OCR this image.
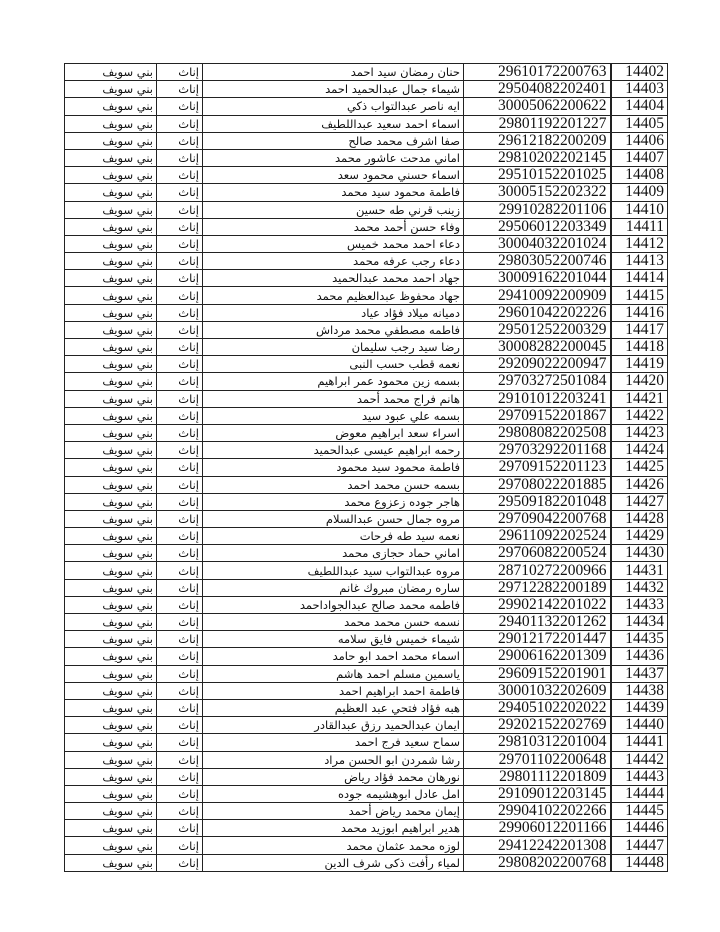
بني سويف	إناث	حنان رمضان سيد احمد	29610172200763	14402
بني سويف	إناث	شيماء جمال عبدالحميد احمد	29504082202401	14403
بني سويف	إناث	ايه ناصر عبدالتواب ذكي	30005062200622	14404
بني سويف	إناث	اسماء احمد سعيد عبداللطيف	29801192201227	14405
بني سويف	إناث	صفا اشرف محمد صالح	29612182200209	14406
بني سويف	إناث	اماني مدحت عاشور محمد	29810202202145	14407
بني سويف	إناث	اسماء حسني محمود سعد	29510152201025	14408
بني سويف	إناث	فاطمة محمود سيد محمد	30005152202322	14409
بني سويف	إناث	زينب قرني طه حسين	29910282201106	14410
بني سويف	إناث	وفاء حسن أحمد محمد	29506012203349	14411
بني سويف	إناث	دعاء احمد محمد خميس	30004032201024	14412
بني سويف	إناث	دعاء رجب عرفه محمد	29803052200746	14413
بني سويف	إناث	جهاد احمد محمد عبدالحميد	30009162201044	14414
بني سويف	إناث	جهاد محفوظ عبدالعظيم محمد	29410092200909	14415
بني سويف	إناث	دميانه ميلاد فؤاد عياد	29601042202226	14416
بني سويف	إناث	فاطمه مصطفي محمد مرداش	29501252200329	14417
بني سويف	إناث	رضا سيد رجب سليمان	30008282200045	14418
بني سويف	إناث	نعمه قطب حسب النبى	29209022200947	14419
بني سويف	إناث	بسمه زين محمود عمر ابراهيم	29703272501084	14420
بني سويف	إناث	هانم فراج محمد أحمد	29101012203241	14421
بني سويف	إناث	بسمه علي عبود سيد	29709152201867	14422
بني سويف	إناث	اسراء سعد ابراهيم معوض	29808082202508	14423
بني سويف	إناث	رحمه ابراهيم عيسى عبدالحميد	29703292201168	14424
بني سويف	إناث	فاطمة محمود سيد محمود	29709152201123	14425
بني سويف	إناث	بسمه حسن محمد احمد	29708022201885	14426
بني سويف	إناث	هاجر جوده زعزوع محمد	29509182201048	14427
بني سويف	إناث	مروه جمال حسن عبدالسلام	29709042200768	14428
بني سويف	إناث	نعمه سيد طه فرحات	29611092202524	14429
بني سويف	إناث	اماني حماد حجازى محمد	29706082200524	14430
بني سويف	إناث	مروه عبدالتواب سيد عبداللطيف	28710272200966	14431
بني سويف	إناث	ساره رمضان مبروك غانم	29712282200189	14432
بني سويف	إناث	فاطمه محمد صالح عبدالجواداحمد	29902142201022	14433
بني سويف	إناث	نسمه حسن محمد محمد	29401132201262	14434
بني سويف	إناث	شيماء خميس فايق سلامه	29012172201447	14435
بني سويف	إناث	اسماء محمد احمد ابو حامد	29006162201309	14436
بني سويف	إناث	ياسمين مسلم احمد هاشم	29609152201901	14437
بني سويف	إناث	فاطمة احمد ابراهيم احمد	30001032202609	14438
بني سويف	إناث	هبه فؤاد فتحي عبد العظيم	29405102202022	14439
بني سويف	إناث	ايمان عبدالحميد رزق عبدالقادر	29202152202769	14440
بني سويف	إناث	سماح سعيد فرج احمد	29810312201004	14441
بني سويف	إناث	رشا شمردن ابو الحسن مراد	29701102200648	14442
بني سويف	إناث	نورهان محمد فؤاد رياض	29801112201809	14443
بني سويف	إناث	امل عادل ابوهشيمه جوده	29109012203145	14444
بني سويف	إناث	إيمان محمد رياض أحمد	29904102202266	14445
بني سويف	إناث	هدير ابراهيم ابوزيد محمد	29906012201166	14446
بني سويف	إناث	لوزه محمد عثمان محمد	29412242201308	14447
بني سويف	إناث	لمياء رأفت ذكى شرف الدين	29808202200768	14448
